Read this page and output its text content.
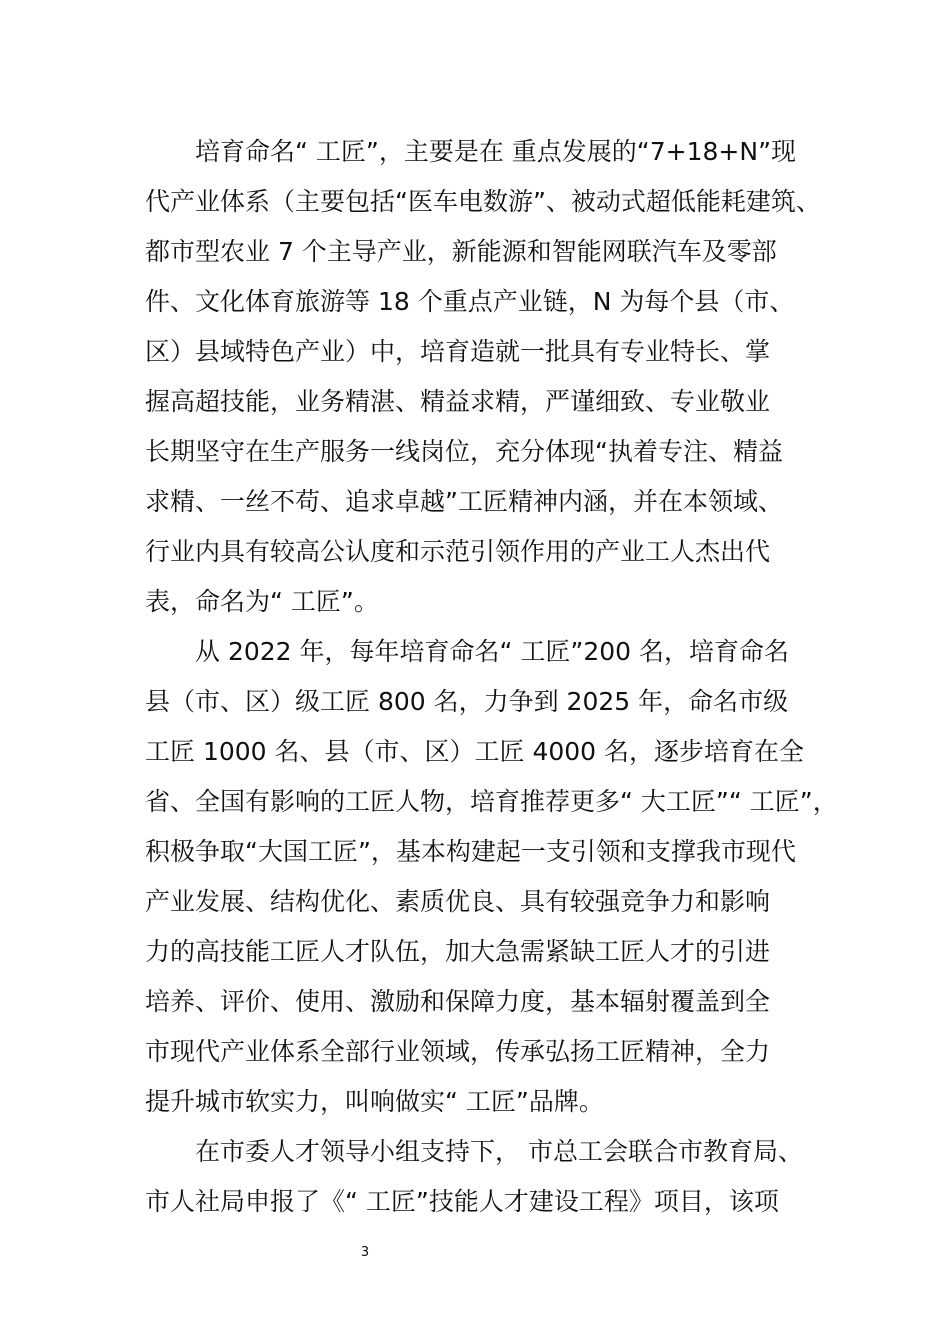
培育命名“ 工匠”，主要是在 重点发展的“7+18+N”现
代产业体系（主要包括“医车电数游”、被动式超低能耗建筑、
都市型农业 7 个主导产业，新能源和智能网联汽车及零部
件、文化体育旅游等 18 个重点产业链，N 为每个县（市、
区）县域特色产业）中，培育造就一批具有专业特长、掌
握高超技能，业务精湛、精益求精，严谨细致、专业敬业
长期坚守在生产服务一线岗位，充分体现“执着专注、精益
求精、一丝不苟、追求卓越”工匠精神内涵，并在本领域、
行业内具有较高公认度和示范引领作用的产业工人杰出代
表，命名为“ 工匠”。
从 2022 年，每年培育命名“ 工匠”200 名，培育命名
县（市、区）级工匠 800 名，力争到 2025 年，命名市级
工匠 1000 名、县（市、区）工匠 4000 名，逐步培育在全
省、全国有影响的工匠人物，培育推荐更多“ 大工匠”“ 工匠”，
积极争取“大国工匠”，基本构建起一支引领和支撑我市现代
产业发展、结构优化、素质优良、具有较强竞争力和影响
力的高技能工匠人才队伍，加大急需紧缺工匠人才的引进
培养、评价、使用、激励和保障力度，基本辐射覆盖到全
市现代产业体系全部行业领域，传承弘扬工匠精神，全力
提升城市软实力，叫响做实“ 工匠”品牌。
在市委人才领导小组支持下， 市总工会联合市教育局、
市人社局申报了《“ 工匠”技能人才建设工程》项目，该项
3
